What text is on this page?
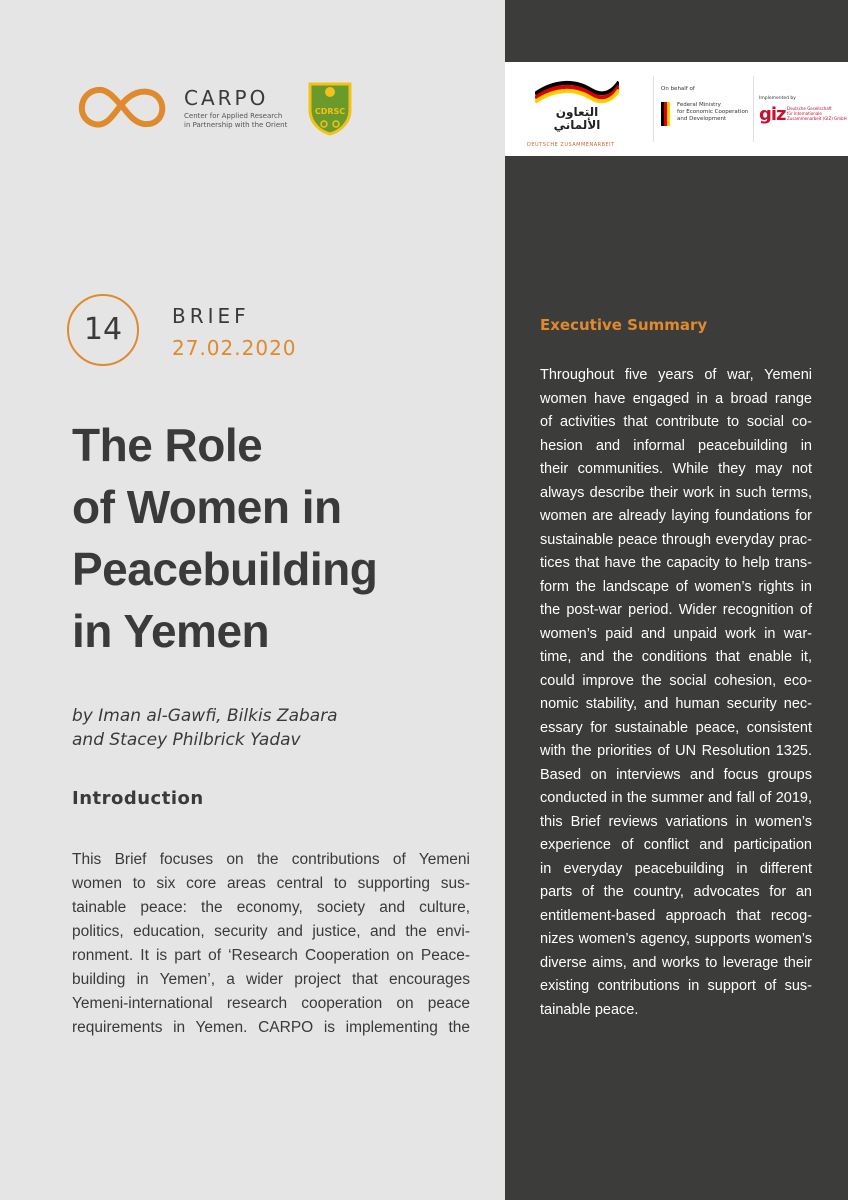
CARPO
Center for Applied Research
in Partnership with the Orient
CDRSC	التعاون الألماني
DEUTSCHE ZUSAMMENARBEIT
On behalf of
Federal Ministry
for Economic Cooperation
and Development
Implemented by
giz Deutsche Gesellschaft
für Internationale
Zusammenarbeit (GIZ) GmbH
14	BRIEF
27.02.2020
The Role
of Women in
Peacebuilding
in Yemen
by Iman al-Gawfi, Bilkis Zabara
and Stacey Philbrick Yadav
Introduction
This Brief focuses on the contributions of Yemeni
women to six core areas central to supporting sus-
tainable peace: the economy, society and culture,
politics, education, security and justice, and the envi-
ronment. It is part of ‘Research Cooperation on Peace-
building in Yemen’, a wider project that encourages
Yemeni-international research cooperation on peace
requirements in Yemen. CARPO is implementing the
Executive Summary
Throughout five years of war, Yemeni
women have engaged in a broad range
of activities that contribute to social co-
hesion and informal peacebuilding in
their communities. While they may not
always describe their work in such terms,
women are already laying foundations for
sustainable peace through everyday prac-
tices that have the capacity to help trans-
form the landscape of women’s rights in
the post-war period. Wider recognition of
women’s paid and unpaid work in war-
time, and the conditions that enable it,
could improve the social cohesion, eco-
nomic stability, and human security nec-
essary for sustainable peace, consistent
with the priorities of UN Resolution 1325.
Based on interviews and focus groups
conducted in the summer and fall of 2019,
this Brief reviews variations in women’s
experience of conflict and participation
in everyday peacebuilding in different
parts of the country, advocates for an
entitlement-based approach that recog-
nizes women’s agency, supports women’s
diverse aims, and works to leverage their
existing contributions in support of sus-
tainable peace.
